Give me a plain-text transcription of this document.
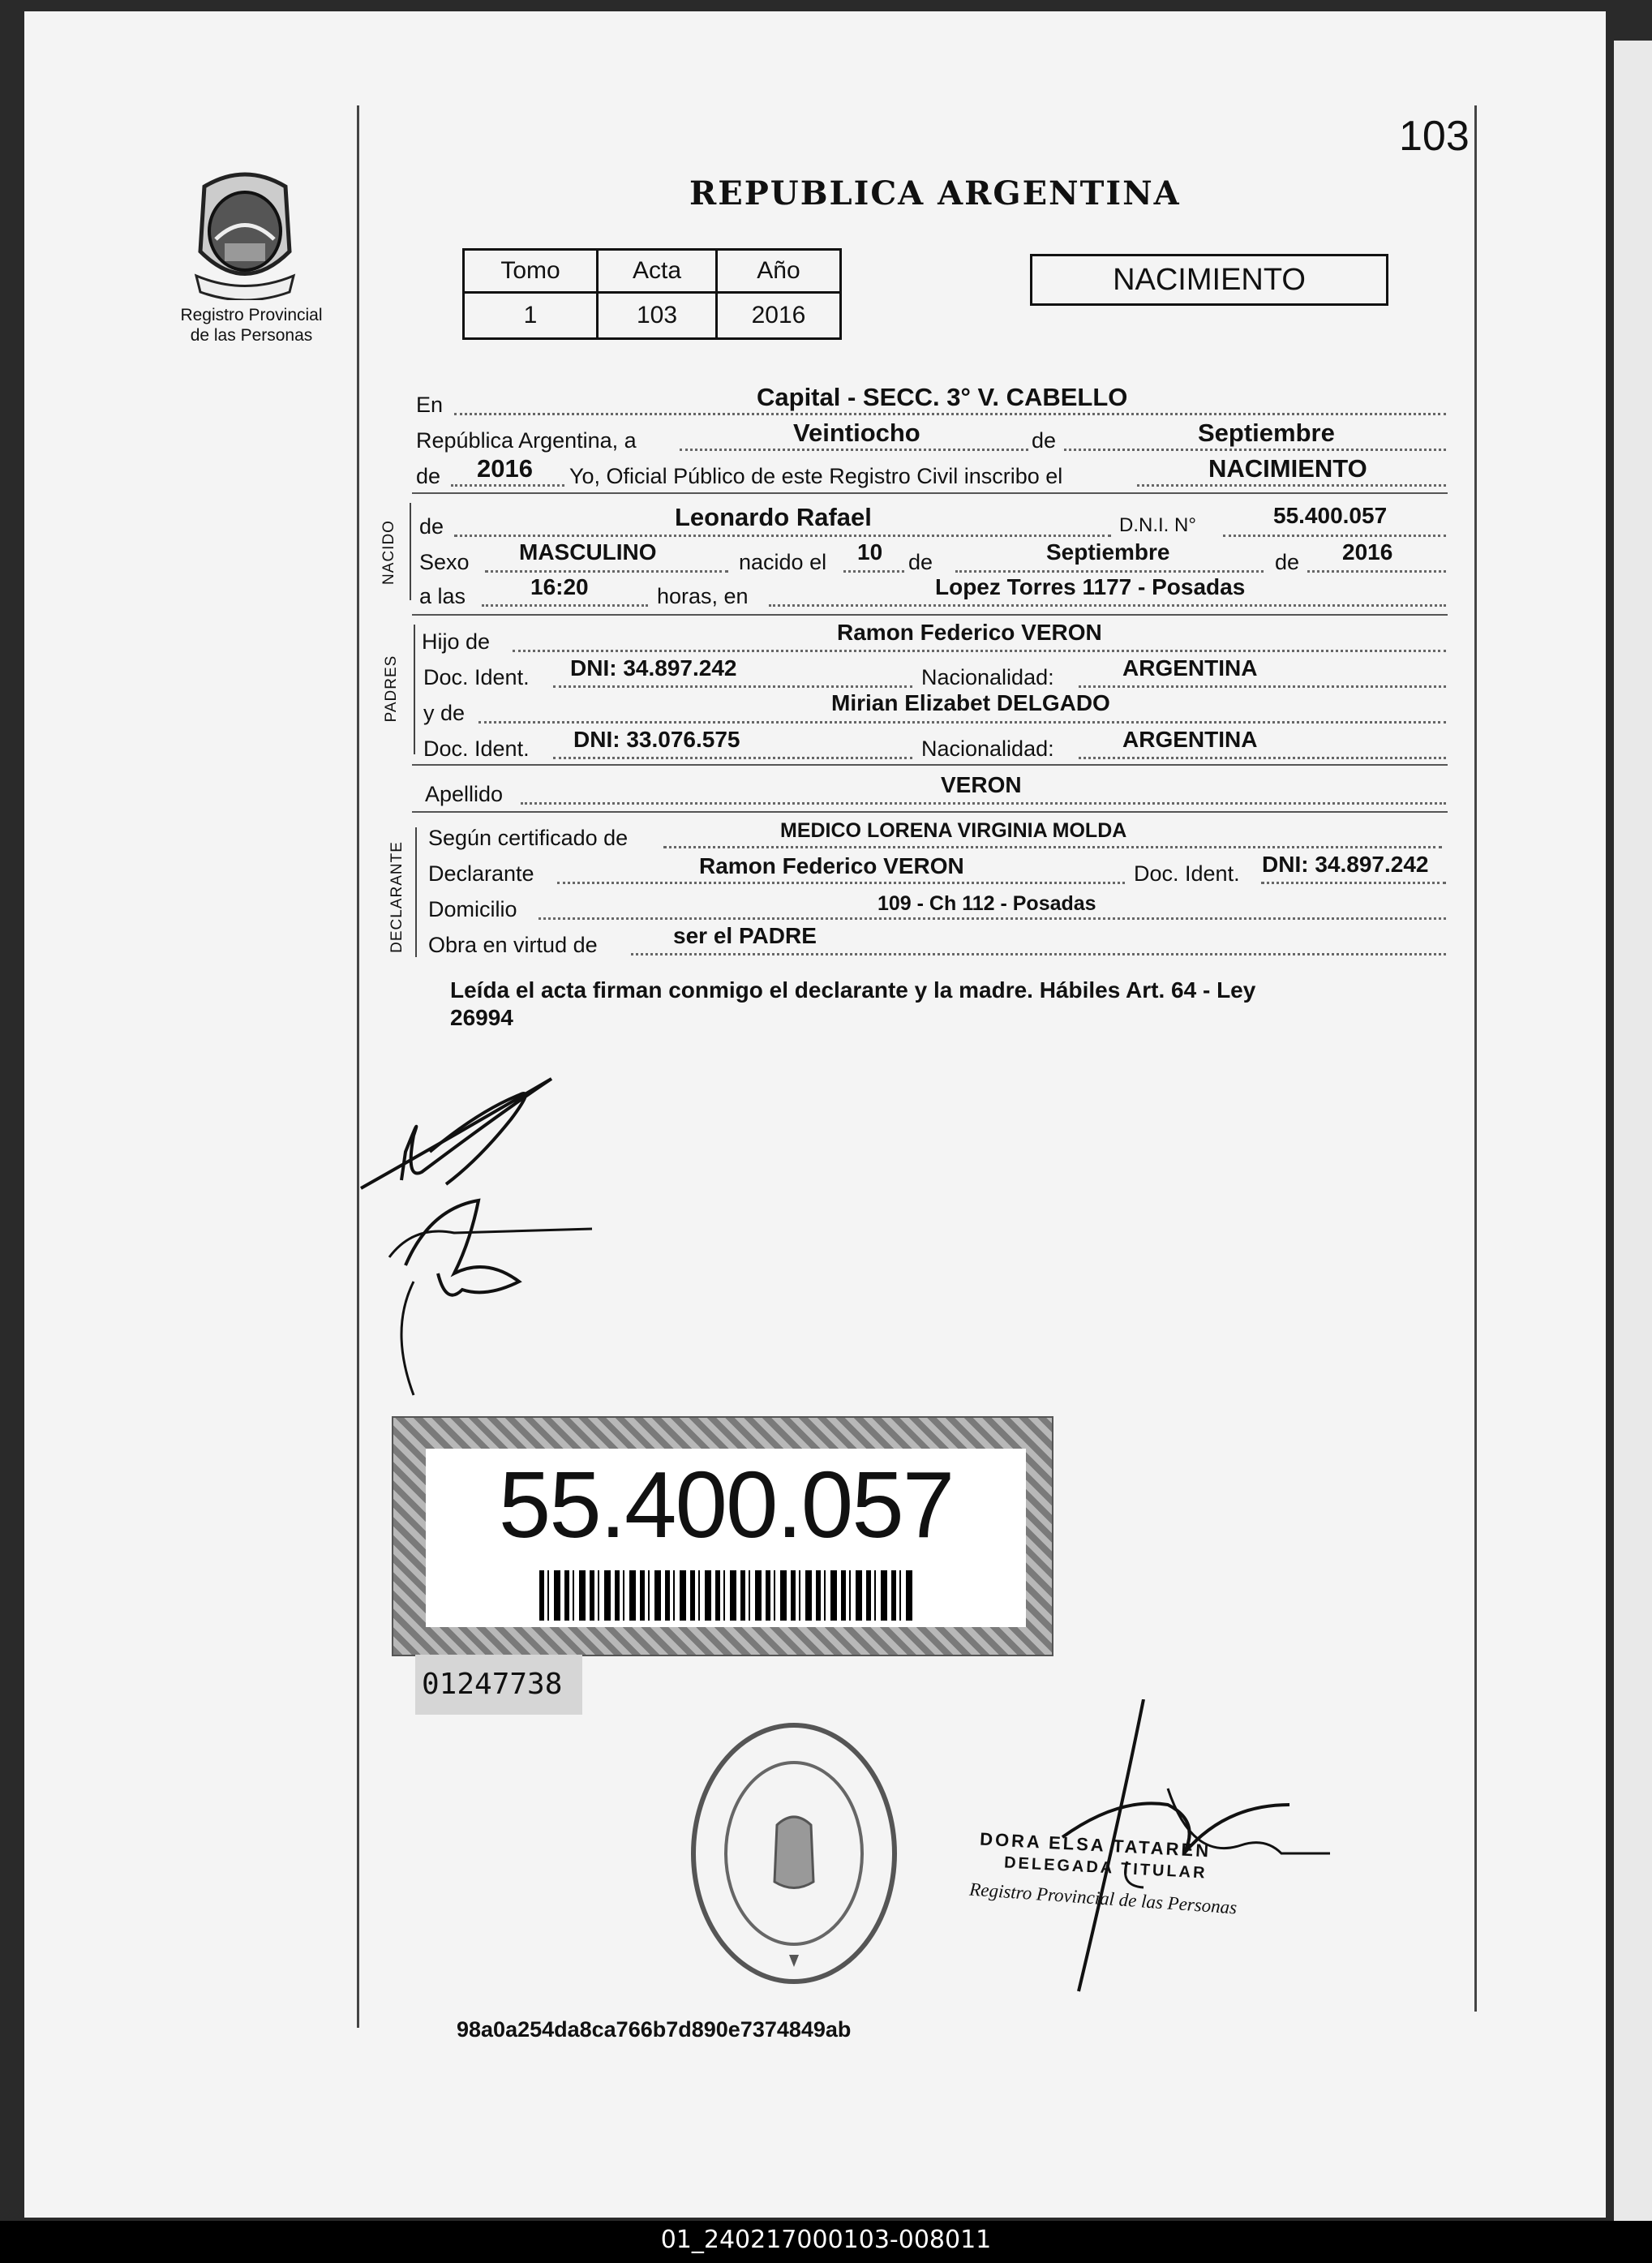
103
Registro Provincial
de las Personas
REPUBLICA ARGENTINA
Tomo	Acta	Año
1	103	2016
NACIMIENTO
En	Capital - SECC. 3° V. CABELLO
República Argentina, a	Veintiocho	de	Septiembre
de 2016 Yo, Oficial Público de este Registro Civil inscribo el	NACIMIENTO
NACIDO de	Leonardo Rafael	D.N.I. N°	55.400.057
Sexo MASCULINO	nacido el 10 de	Septiembre	de 2016
a las	16:20	horas, en	Lopez Torres 1177 - Posadas
PADRES
Hijo de	Ramon Federico VERON
Doc. Ident. DNI: 34.897.242	Nacionalidad:	ARGENTINA
y de	Mirian Elizabet DELGADO
Doc. Ident. DNI: 33.076.575	Nacionalidad:	ARGENTINA
Apellido	VERON
DECLARANTE
Según certificado de	MEDICO LORENA VIRGINIA MOLDA
Declarante	Ramon Federico VERON	Doc. Ident. DNI: 34.897.242
Domicilio	109 - Ch 112 - Posadas
Obra en virtud de	ser el PADRE
Leída el acta firman conmigo el declarante y la madre. Hábiles Art. 64 - Ley
26994
55.400.057
01247738
DORA ELSA TATAREN
DELEGADA TITULAR
Registro Provincial de las Personas
98a0a254da8ca766b7d890e7374849ab
01_240217000103-008011
